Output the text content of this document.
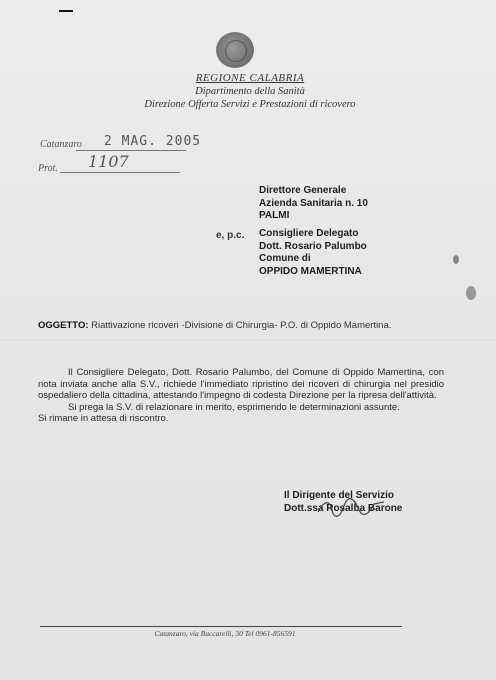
REGIONE CALABRIA
Dipartimento della Sanità
Direzione Offerta Servizi e Prestazioni di ricovero
Catanzaro 2 MAG. 2005
Prot. 1107
Direttore Generale
Azienda Sanitaria n. 10
PALMI
e, p.c. Consigliere Delegato
Dott. Rosario Palumbo
Comune di
OPPIDO MAMERTINA
OGGETTO: Riattivazione ricoveri -Divisione di Chirurgia- P.O. di Oppido Mamertina.

Il Consigliere Delegato, Dott. Rosario Palumbo, del Comune di Oppido Mamertina, con nota inviata anche alla S.V., richiede l'immediato ripristino dei ricoveri di chirurgia nel presidio ospedaliero della cittadina, attestando l'impegno di codesta Direzione per la ripresa dell'attività.

Si prega la S.V. di relazionare in merito, esprimendo le determinazioni assunte.

Si rimane in attesa di riscontro.

Il Dirigente del Servizio
Dott.ssa Rosalba Barone
Catanzaro, via Buccarelli, 30 Tel 0961-856591
